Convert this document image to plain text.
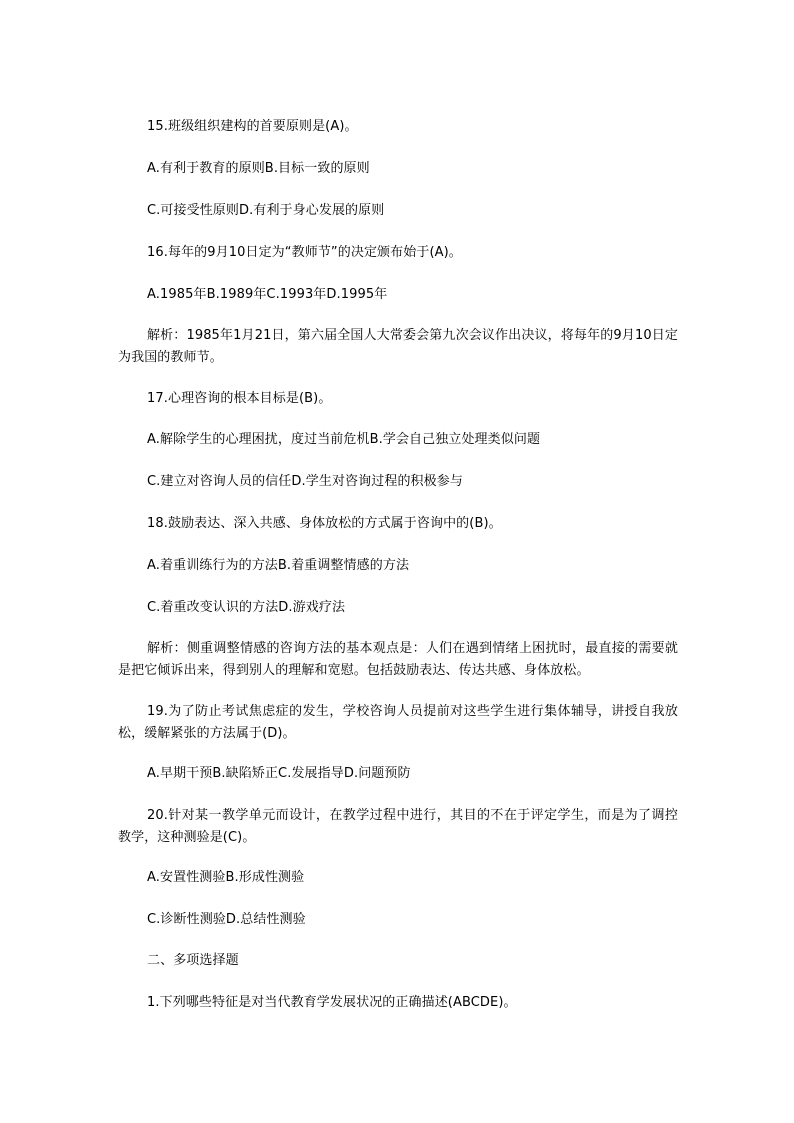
15.班级组织建构的首要原则是(A)。
A.有利于教育的原则B.目标一致的原则
C.可接受性原则D.有利于身心发展的原则
16.每年的9月10日定为“教师节”的决定颁布始于(A)。
A.1985年B.1989年C.1993年D.1995年
解析：1985年1月21日，第六届全国人大常委会第九次会议作出决议，将每年的9月10日定为我国的教师节。
17.心理咨询的根本目标是(B)。
A.解除学生的心理困扰，度过当前危机B.学会自己独立处理类似问题
C.建立对咨询人员的信任D.学生对咨询过程的积极参与
18.鼓励表达、深入共感、身体放松的方式属于咨询中的(B)。
A.着重训练行为的方法B.着重调整情感的方法
C.着重改变认识的方法D.游戏疗法
解析：侧重调整情感的咨询方法的基本观点是：人们在遇到情绪上困扰时，最直接的需要就是把它倾诉出来，得到别人的理解和宽慰。包括鼓励表达、传达共感、身体放松。
19.为了防止考试焦虑症的发生，学校咨询人员提前对这些学生进行集体辅导，讲授自我放松，缓解紧张的方法属于(D)。
A.早期干预B.缺陷矫正C.发展指导D.问题预防
20.针对某一教学单元而设计，在教学过程中进行，其目的不在于评定学生，而是为了调控教学，这种测验是(C)。
A.安置性测验B.形成性测验
C.诊断性测验D.总结性测验
二、多项选择题
1.下列哪些特征是对当代教育学发展状况的正确描述(ABCDE)。
